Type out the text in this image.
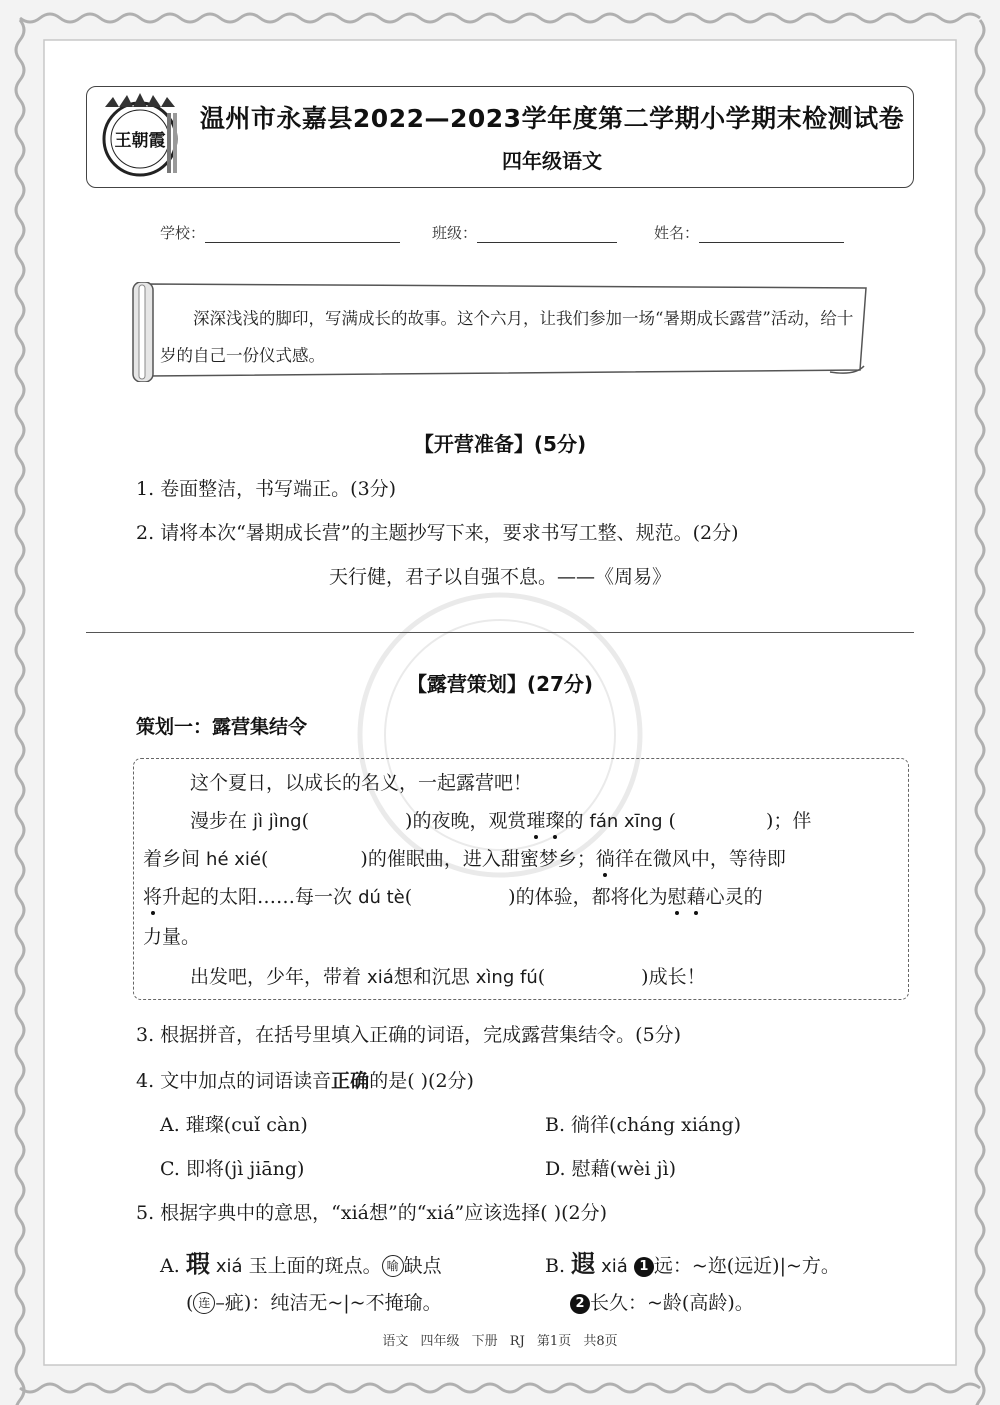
王朝霞
温州市永嘉县2022—2023学年度第二学期小学期末检测试卷
四年级语文
学校：	班级：	姓名：
深深浅浅的脚印，写满成长的故事。这个六月，让我们参加一场“暑期成长露营”活动，给十岁的自己一份仪式感。
【开营准备】(5分)
1. 卷面整洁，书写端正。(3分)
2. 请将本次“暑期成长营”的主题抄写下来，要求书写工整、规范。(2分)
天行健，君子以自强不息。——《周易》
【露营策划】(27分)
策划一：露营集结令
这个夏日，以成长的名义，一起露营吧！
漫步在 jì jìng(	)的夜晚，观赏璀璨的 fán xīng (	)；伴
着乡间 hé xié(	)的催眠曲，进入甜蜜梦乡；徜徉在微风中，等待即
将升起的太阳……每一次 dú tè(	)的体验，都将化为慰藉心灵的
力量。
出发吧，少年，带着 xiá想和沉思 xìng fú(	)成长！
3. 根据拼音，在括号里填入正确的词语，完成露营集结令。(5分)
4. 文中加点的词语读音正确的是( )(2分)
A. 璀璨(cuǐ càn)	B. 徜徉(cháng xiáng)
C. 即将(jì jiāng)	D. 慰藉(wèi jì)
5. 根据字典中的意思，“xiá想”的“xiá”应该选择( )(2分)
A. 瑕 xiá 玉上面的斑点。 喻 缺点
( 连 –疵)：纯洁无~|~不掩瑜。
B. 遐 xiá 1 远：~迩(远近)|~方。
2 长久：~龄(高龄)。
语文 四年级 下册 RJ 第1页 共8页
